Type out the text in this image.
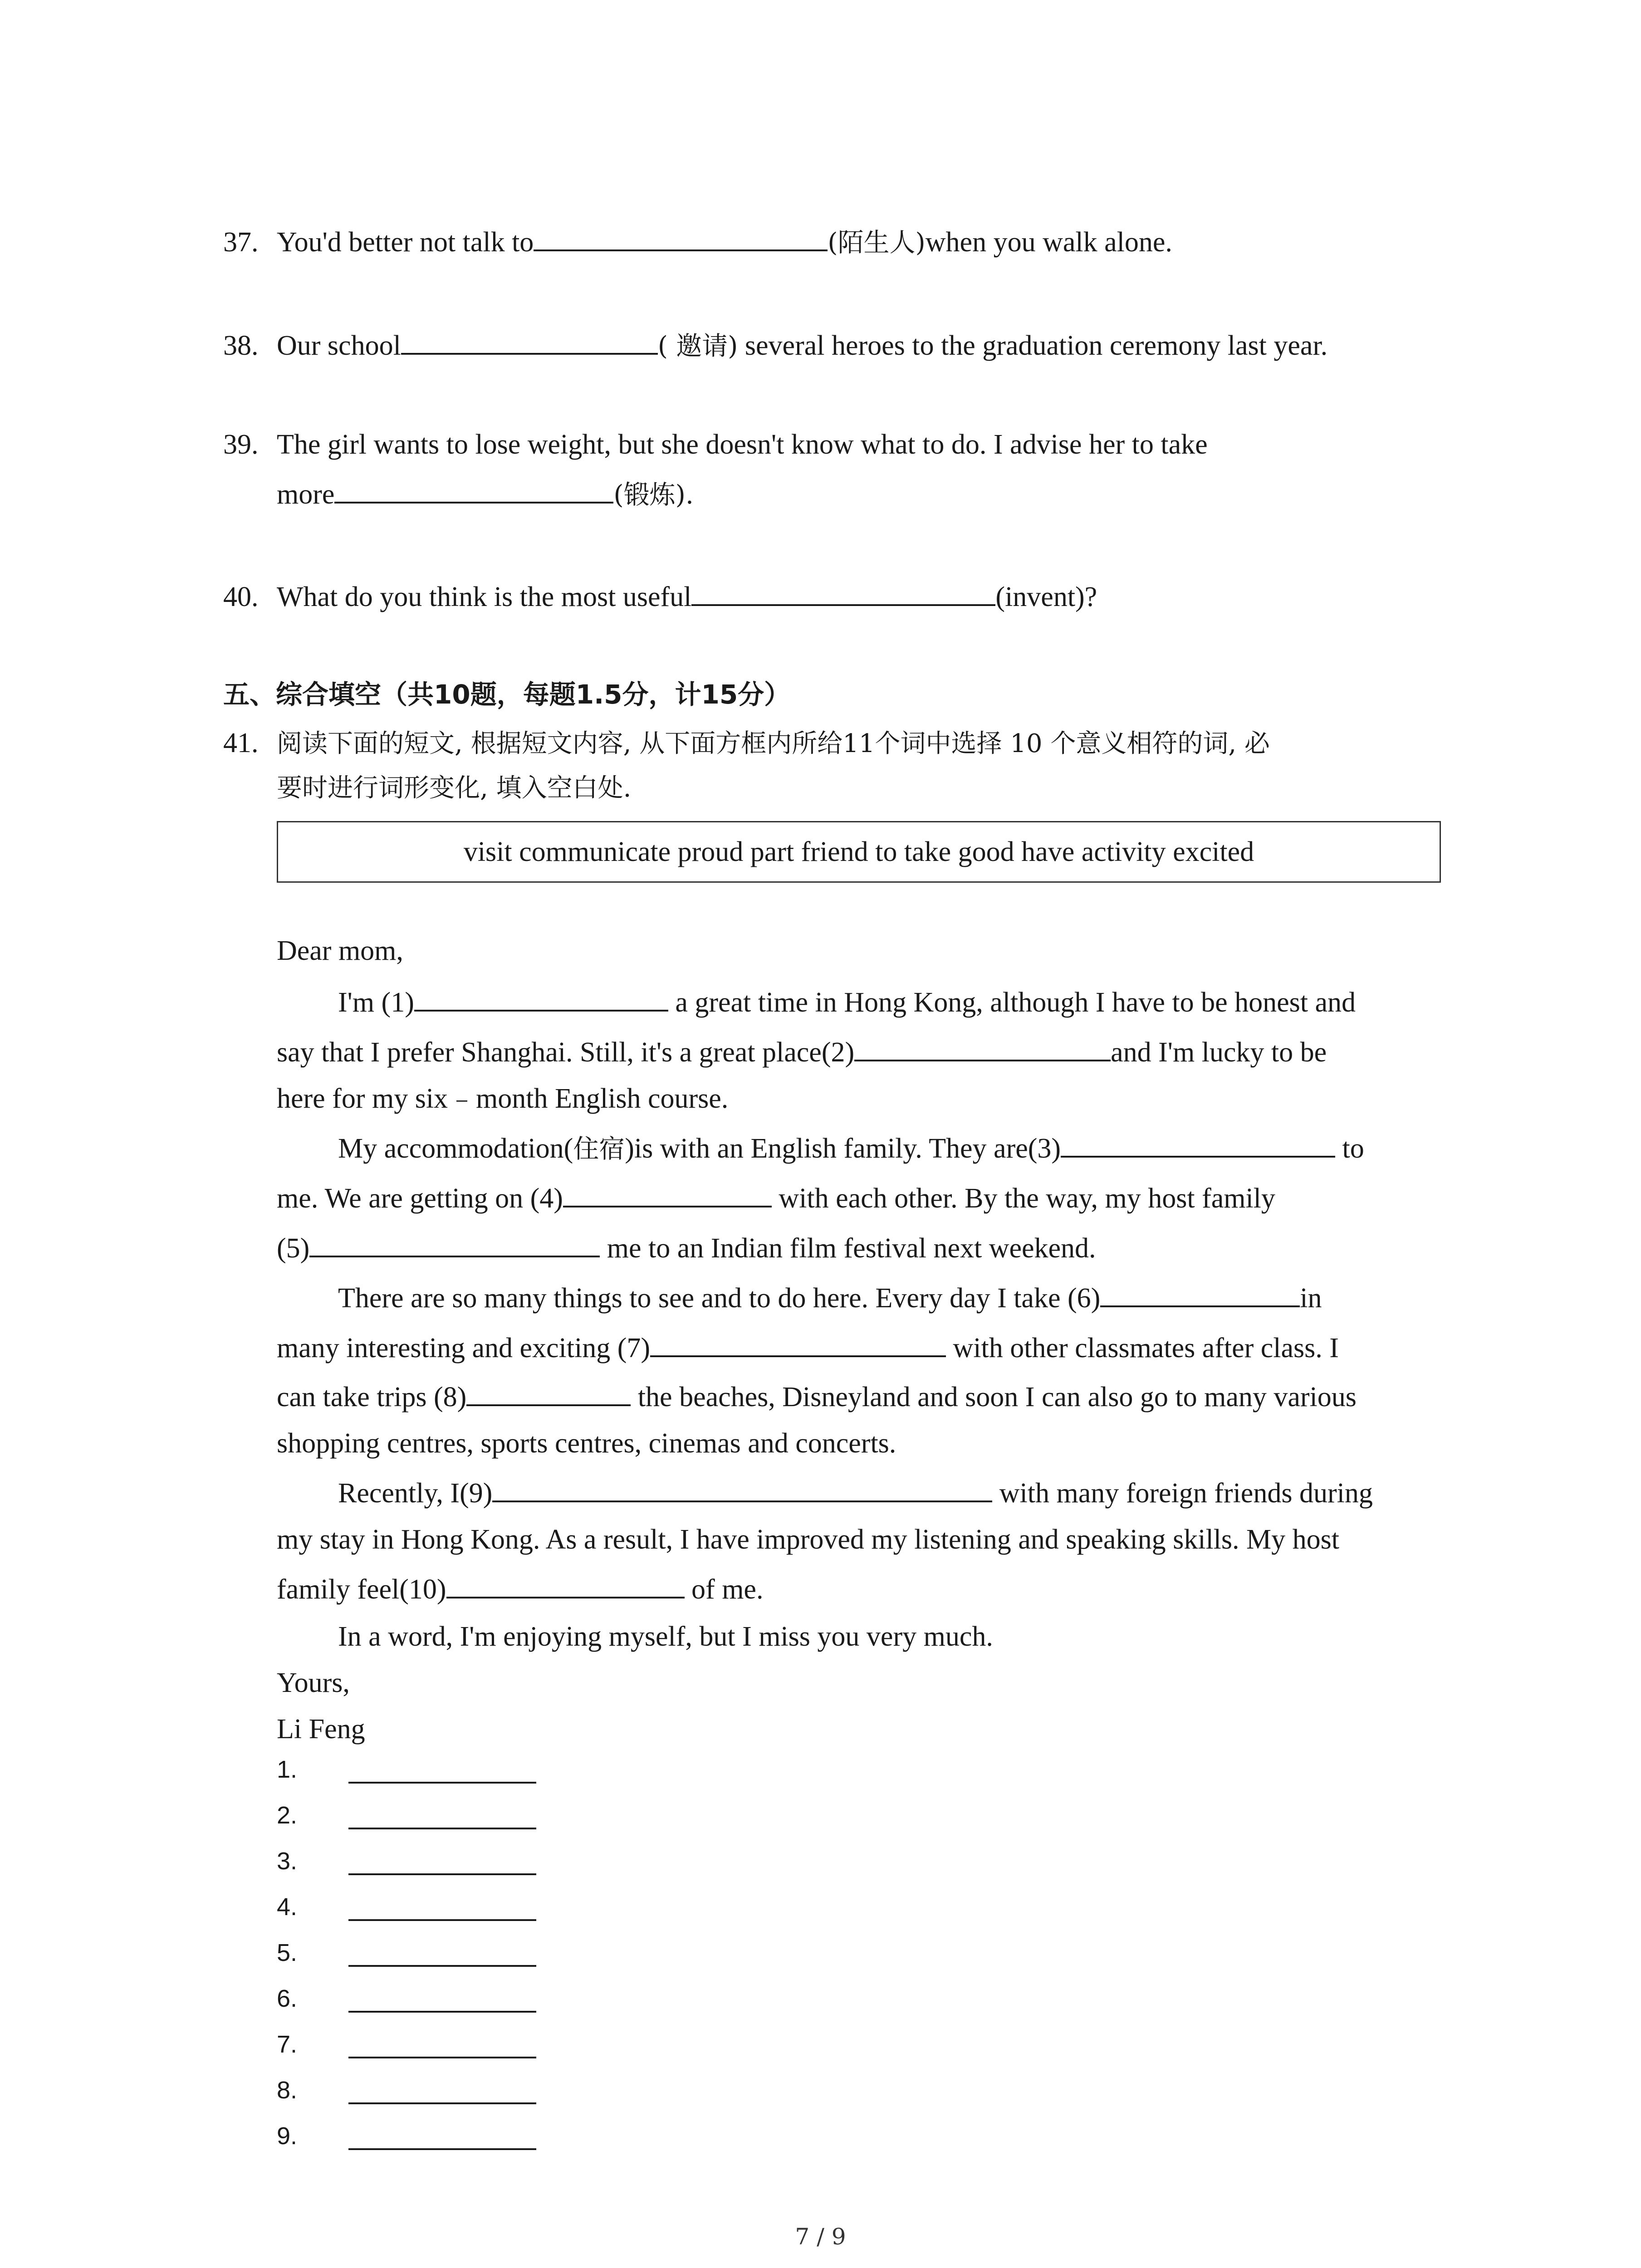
37. You'd better not talk to	(陌生人)when you walk alone.
38. Our school	( 邀请) several heroes to the graduation ceremony last year.
39. The girl wants to lose weight, but she doesn't know what to do. I advise her to take
more	(锻炼).
40. What do you think is the most useful	(invent)?
五、综合填空（共10题，每题1.5分，计15分）
41. 阅读下面的短文, 根据短文内容, 从下面方框内所给11个词中选择 10 个意义相符的词, 必
要时进行词形变化, 填入空白处.
visit communicate proud part friend to take good have activity excited
Dear mom,
I'm (1)	a great time in Hong Kong, although I have to be honest and
say that I prefer Shanghai. Still, it's a great place(2)	and I'm lucky to be
here for my six﹣month English course.
My accommodation(住宿)is with an English family. They are(3)	to
me. We are getting on (4)	with each other. By the way, my host family
(5)	me to an Indian film festival next weekend.
There are so many things to see and to do here. Every day I take (6)	in
many interesting and exciting (7)	with other classmates after class. I
can take trips (8)	the beaches, Disneyland and soon I can also go to many various
shopping centres, sports centres, cinemas and concerts.
Recently, I(9)	with many foreign friends during
my stay in Hong Kong. As a result, I have improved my listening and speaking skills. My host
family feel(10)	of me.
In a word, I'm enjoying myself, but I miss you very much.
Yours,
Li Feng
1.
2.
3.
4.
5.
6.
7.
8.
9.
7 / 9
